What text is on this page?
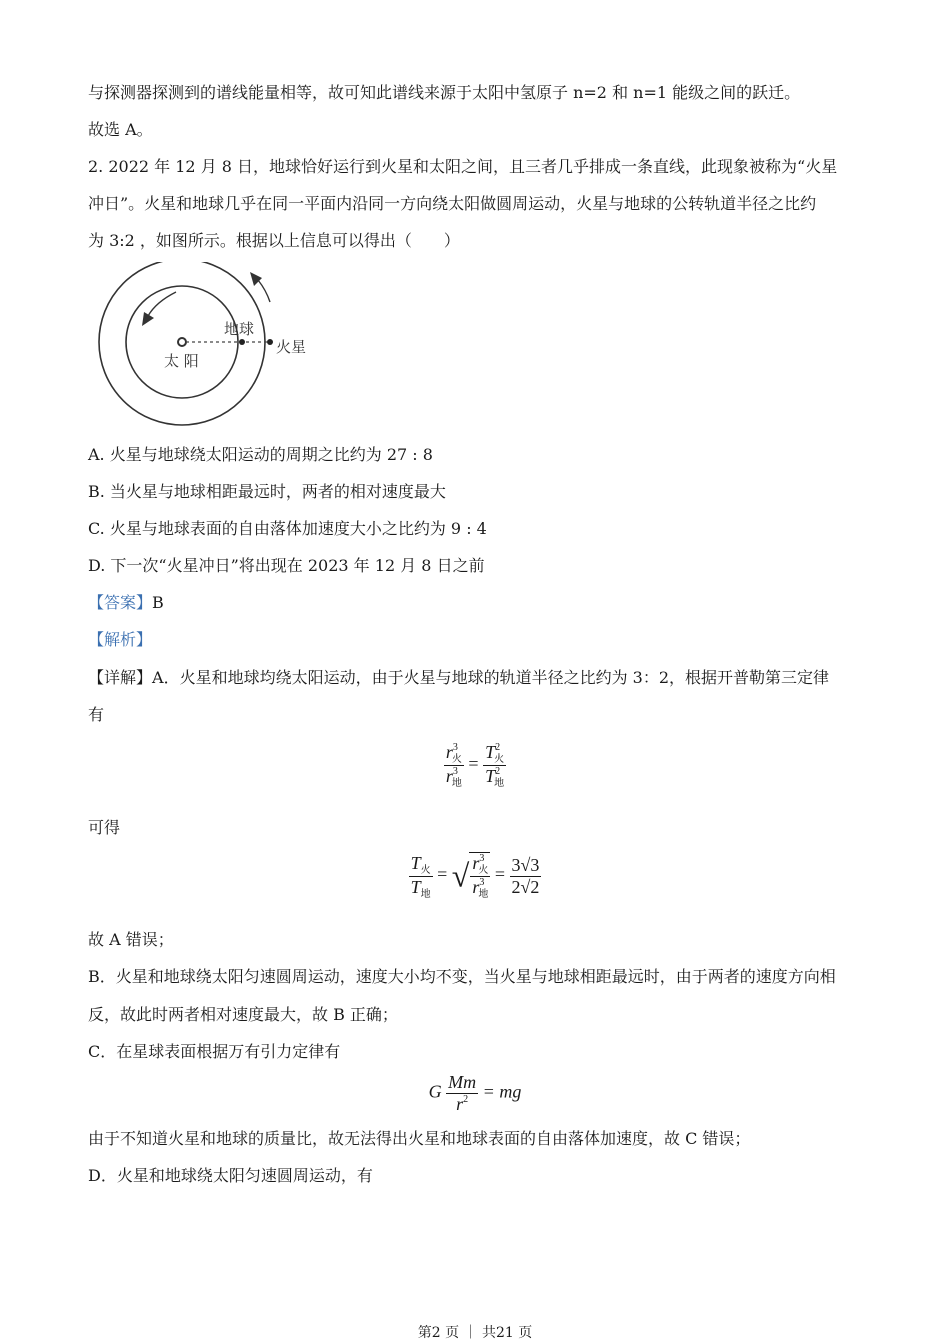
与探测器探测到的谱线能量相等，故可知此谱线来源于太阳中氢原子 n=2 和 n=1 能级之间的跃迁。
故选 A。
2. 2022 年 12 月 8 日，地球恰好运行到火星和太阳之间，且三者几乎排成一条直线，此现象被称为“火星
冲日”。火星和地球几乎在同一平面内沿同一方向绕太阳做圆周运动，火星与地球的公转轨道半径之比约
为 3:2 ，如图所示。根据以上信息可以得出（　　）
太 阳
地球
火星
A. 火星与地球绕太阳运动的周期之比约为 27 : 8
B. 当火星与地球相距最远时，两者的相对速度最大
C. 火星与地球表面的自由落体加速度大小之比约为 9 : 4
D. 下一次“火星冲日”将出现在 2023 年 12 月 8 日之前
【答案】B
【解析】
【详解】A．火星和地球均绕太阳运动，由于火星与地球的轨道半径之比约为 3：2，根据开普勒第三定律
有
$\frac{r^3_火}{r^3_地} = \frac{T^2_火}{T^2_地}$
可得
$\frac{T_火}{T_地}$ = √ $\frac{r^3_火}{r^3_地} = \frac{3√3}{2√2}$
故 A 错误；
B．火星和地球绕太阳匀速圆周运动，速度大小均不变，当火星与地球相距最远时，由于两者的速度方向相
反，故此时两者相对速度最大，故 B 正确；
C．在星球表面根据万有引力定律有
G $\frac{Mm}{r^2}$ = mg
由于不知道火星和地球的质量比，故无法得出火星和地球表面的自由落体加速度，故 C 错误；
D．火星和地球绕太阳匀速圆周运动，有
第2 页 ｜ 共21 页
